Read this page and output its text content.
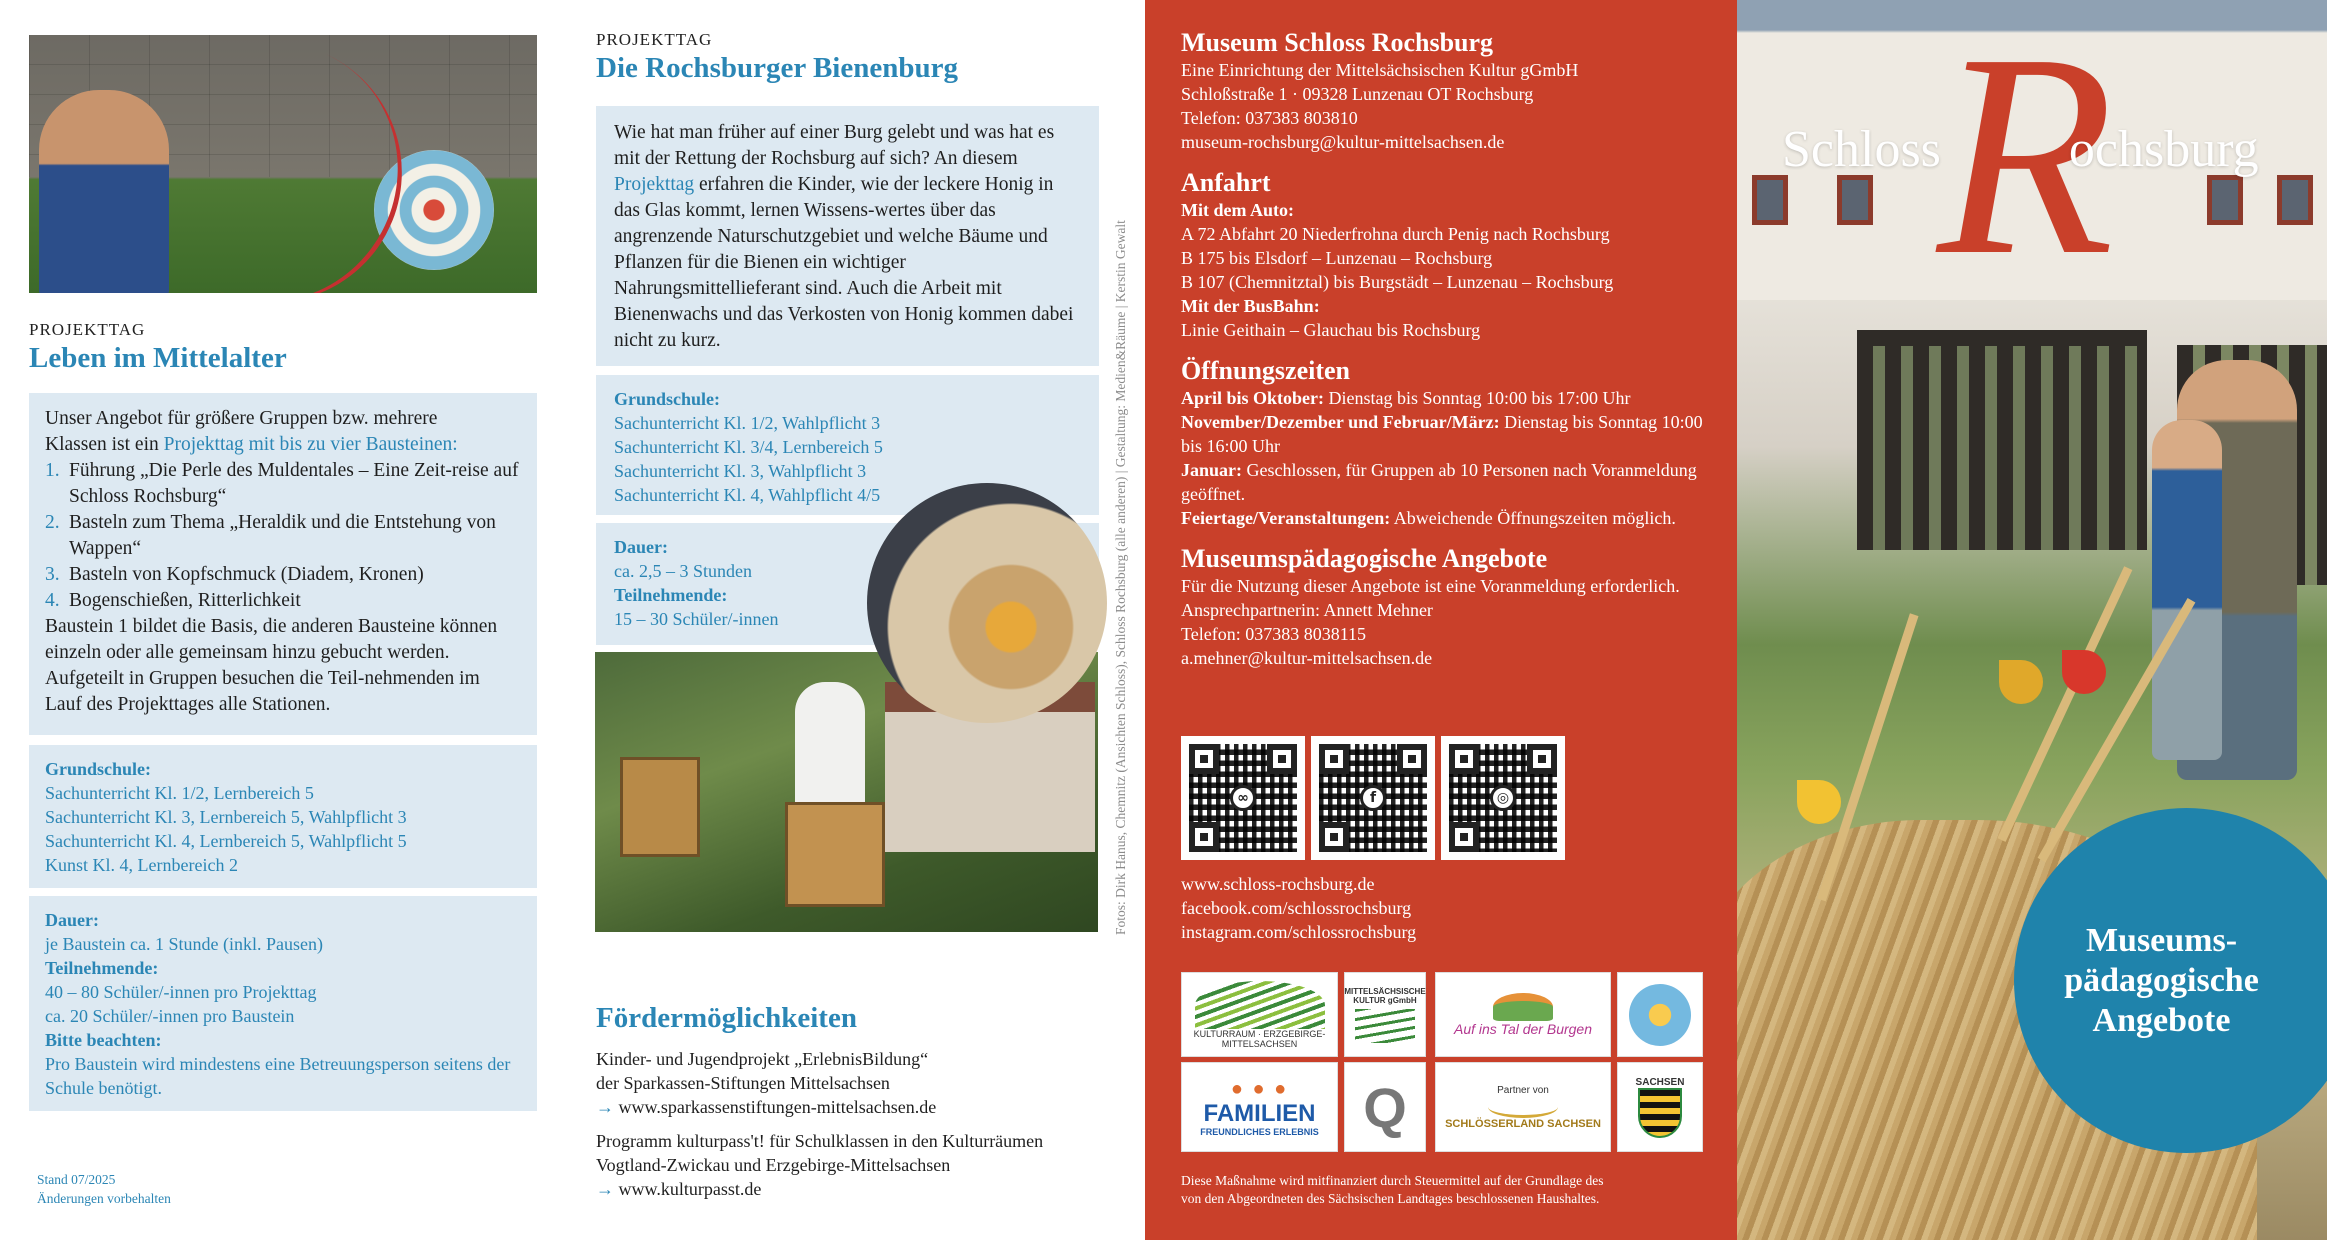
PROJEKTTAG
Leben im Mittelalter
Unser Angebot für größere Gruppen bzw. mehrere
Klassen ist ein Projekttag mit bis zu vier Bausteinen:
1. Führung „Die Perle des Muldentales – Eine Zeit-reise auf Schloss Rochsburg“
2. Basteln zum Thema „Heraldik und die Entstehung von Wappen“
3. Basteln von Kopfschmuck (Diadem, Kronen)
4. Bogenschießen, Ritterlichkeit
Baustein 1 bildet die Basis, die anderen Bausteine können einzeln oder alle gemeinsam hinzu gebucht werden. Aufgeteilt in Gruppen besuchen die Teil-nehmenden im Lauf des Projekttages alle Stationen.
Grundschule:
Sachunterricht Kl. 1/2, Lernbereich 5
Sachunterricht Kl. 3, Lernbereich 5, Wahlpflicht 3
Sachunterricht Kl. 4, Lernbereich 5, Wahlpflicht 5
Kunst Kl. 4, Lernbereich 2
Dauer:
je Baustein ca. 1 Stunde (inkl. Pausen)
Teilnehmende:
40 – 80 Schüler/-innen pro Projekttag
ca. 20 Schüler/-innen pro Baustein
Bitte beachten:
Pro Baustein wird mindestens eine Betreuungsperson seitens der Schule benötigt.
Stand 07/2025
Änderungen vorbehalten
PROJEKTTAG
Die Rochsburger Bienenburg
Wie hat man früher auf einer Burg gelebt und was hat es mit der Rettung der Rochsburg auf sich? An diesem Projekttag erfahren die Kinder, wie der leckere Honig in das Glas kommt, lernen Wissens-wertes über das angrenzende Naturschutzgebiet und welche Bäume und Pflanzen für die Bienen ein wichtiger Nahrungsmittellieferant sind. Auch die Arbeit mit Bienenwachs und das Verkosten von Honig kommen dabei nicht zu kurz.
Grundschule:
Sachunterricht Kl. 1/2, Wahlpflicht 3
Sachunterricht Kl. 3/4, Lernbereich 5
Sachunterricht Kl. 3, Wahlpflicht 3
Sachunterricht Kl. 4, Wahlpflicht 4/5
Dauer:
ca. 2,5 – 3 Stunden
Teilnehmende:
15 – 30 Schüler/-innen
Fördermöglichkeiten
Kinder- und Jugendprojekt „ErlebnisBildung“
der Sparkassen-Stiftungen Mittelsachsen
→ www.sparkassenstiftungen-mittelsachsen.de
Programm kulturpass't! für Schulklassen in den Kulturräumen
Vogtland-Zwickau und Erzgebirge-Mittelsachsen
→ www.kulturpasst.de
Fotos: Dirk Hanus, Chemnitz (Ansichten Schloss), Schloss Rochsburg (alle anderen) | Gestaltung: Medien&Räume | Kerstin Gewalt
Museum Schloss Rochsburg
Eine Einrichtung der Mittelsächsischen Kultur gGmbH
Schloßstraße 1 · 09328 Lunzenau OT Rochsburg
Telefon: 037383 803810
museum-rochsburg@kultur-mittelsachsen.de
Anfahrt
Mit dem Auto:
A 72 Abfahrt 20 Niederfrohna durch Penig nach Rochsburg
B 175 bis Elsdorf – Lunzenau – Rochsburg
B 107 (Chemnitztal) bis Burgstädt – Lunzenau – Rochsburg
Mit der BusBahn:
Linie Geithain – Glauchau bis Rochsburg
Öffnungszeiten
April bis Oktober: Dienstag bis Sonntag 10:00 bis 17:00 Uhr
November/Dezember und Februar/März: Dienstag bis Sonntag 10:00 bis 16:00 Uhr
Januar: Geschlossen, für Gruppen ab 10 Personen nach Voranmeldung geöffnet.
Feiertage/Veranstaltungen: Abweichende Öffnungszeiten möglich.
Museumspädagogische Angebote
Für die Nutzung dieser Angebote ist eine Voranmeldung erforderlich.
Ansprechpartnerin: Annett Mehner
Telefon: 037383 8038115
a.mehner@kultur-mittelsachsen.de
∞	f	◎
www.schloss-rochsburg.de
facebook.com/schlossrochsburg
instagram.com/schlossrochsburg
KULTURRAUM · ERZGEBIRGE-MITTELSACHSEN
MITTELSÄCHSISCHE KULTUR gGmbH
Auf ins Tal der Burgen
● ● ●
FAMILIEN
FREUNDLICHES ERLEBNIS Q	Partner von
SCHLÖSSERLAND SACHSEN
SACHSEN
Diese Maßnahme wird mitfinanziert durch Steuermittel auf der Grundlage des
von den Abgeordneten des Sächsischen Landtages beschlossenen Haushaltes.
R
Schloss ochsburg
Museums-
pädagogische
Angebote
